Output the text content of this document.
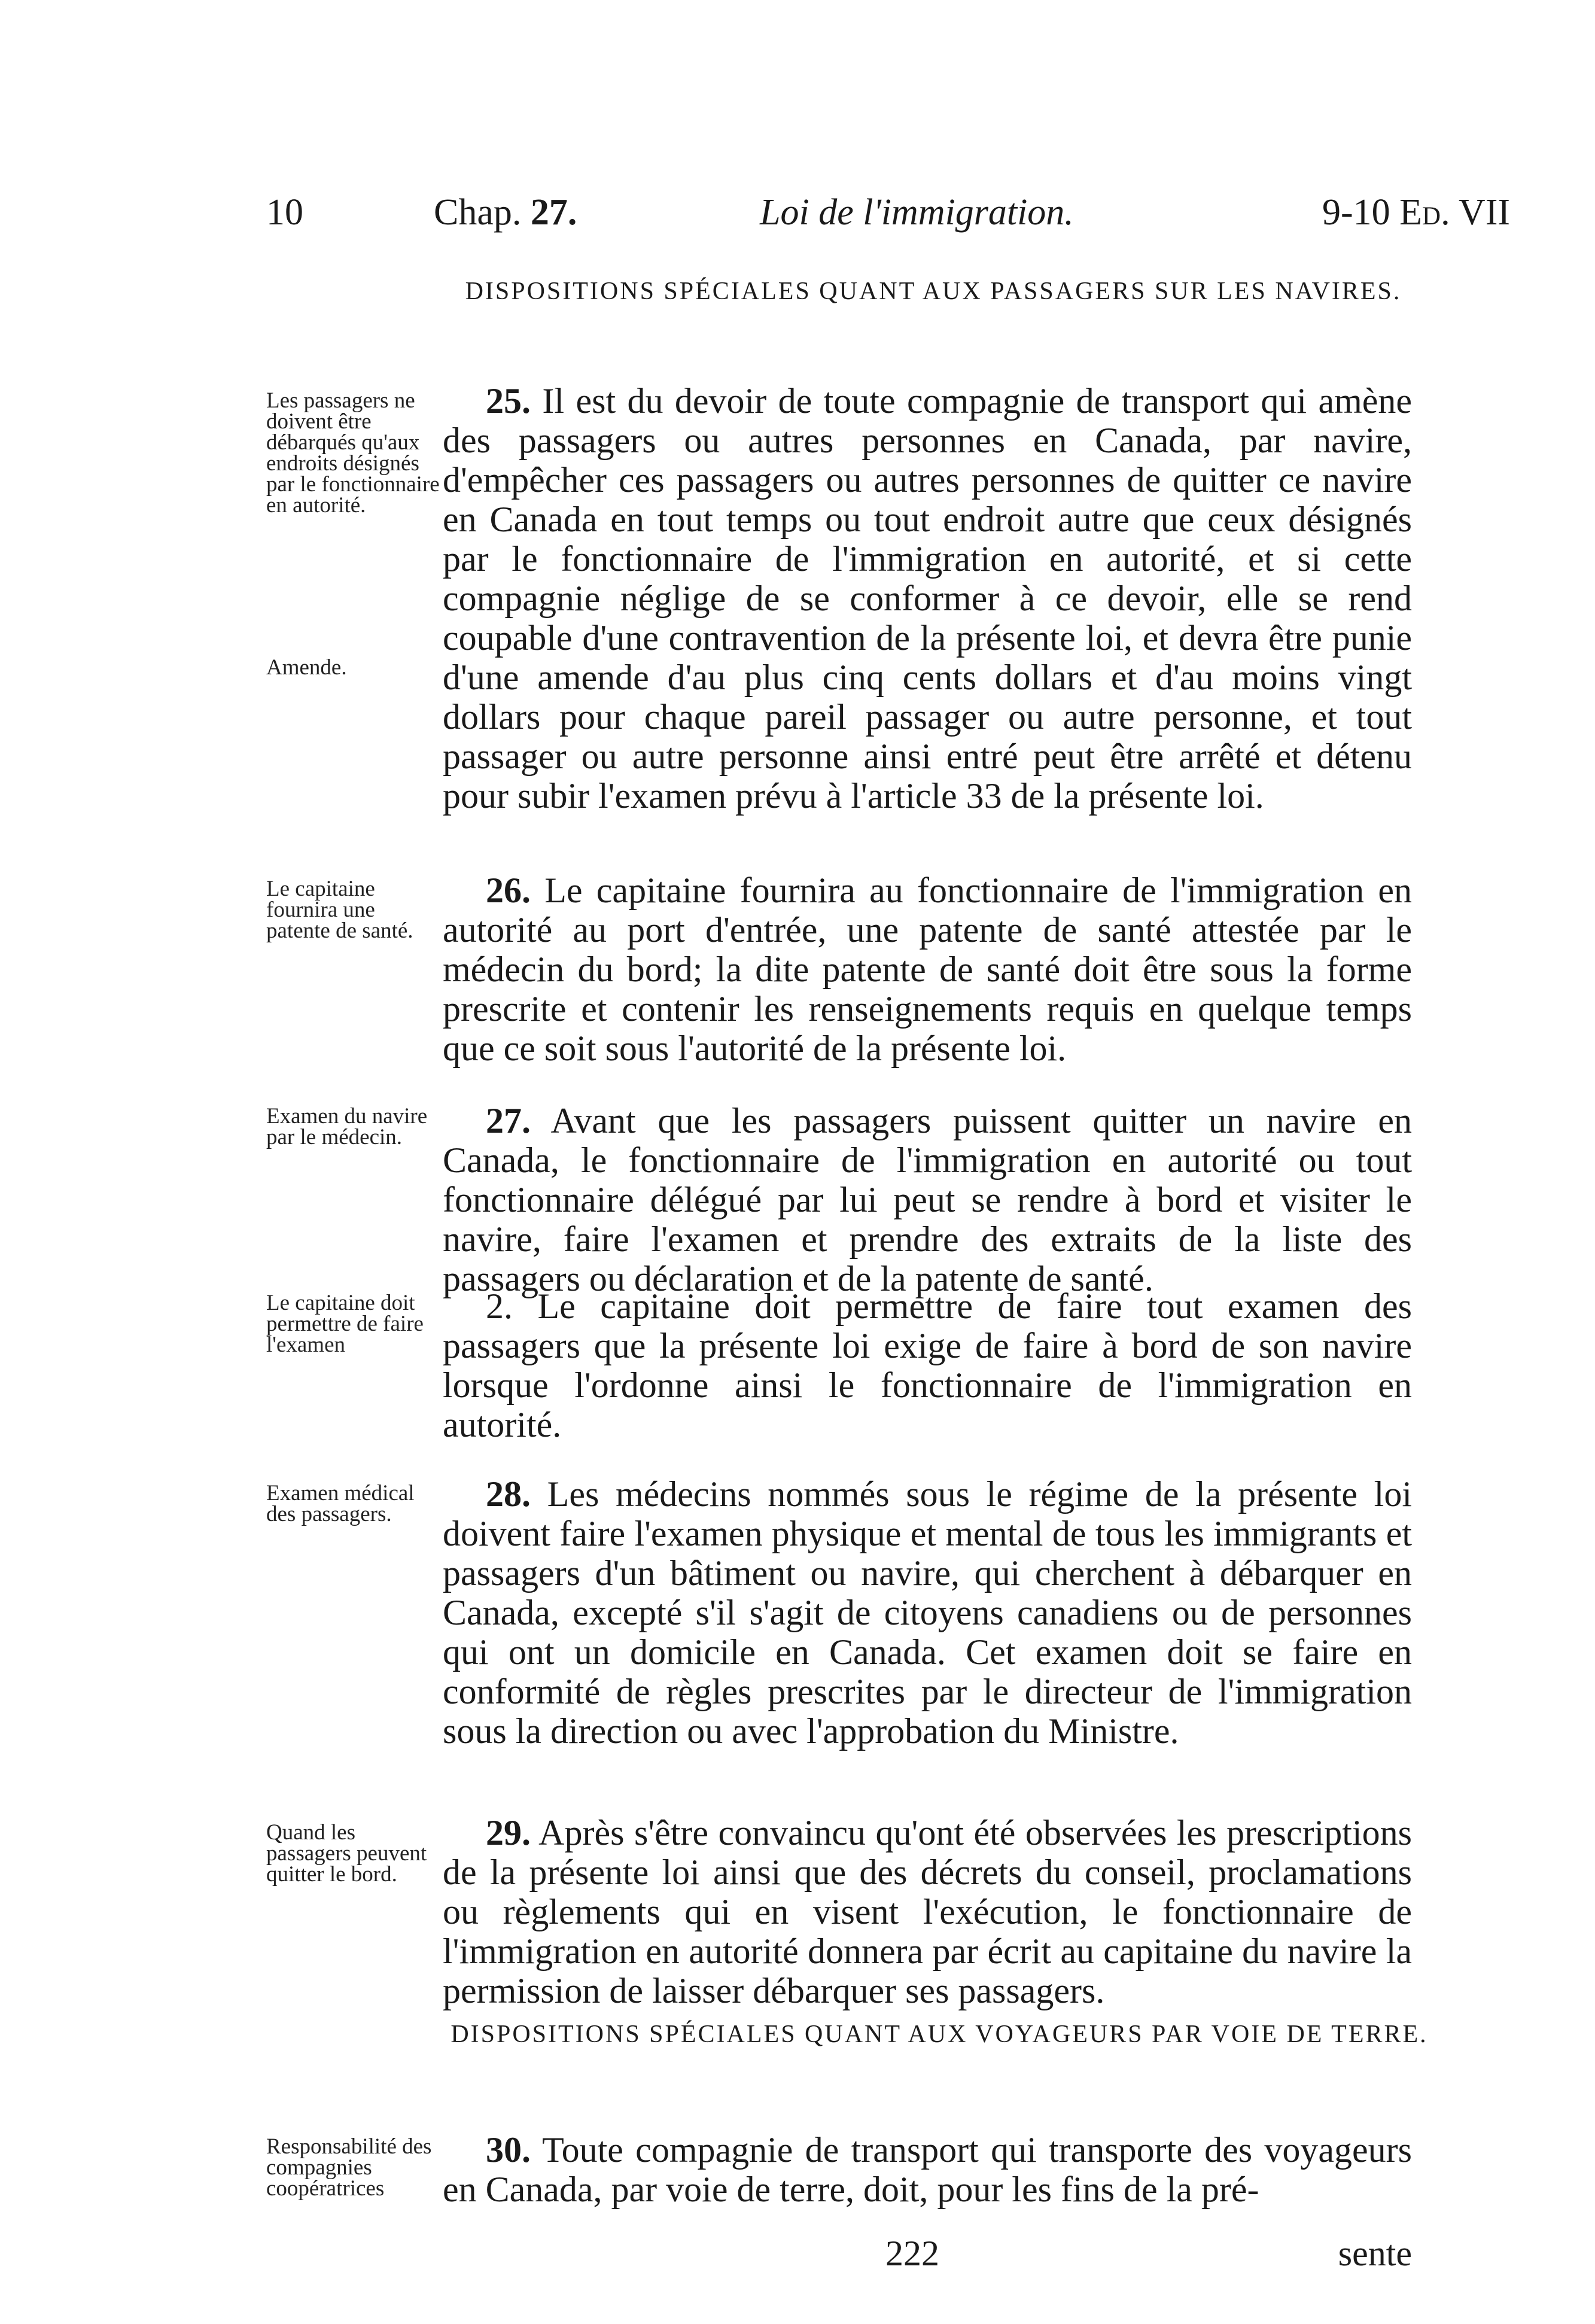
10	Chap. 27.	Loi de l'immigration.	9-10 Ed. VII
DISPOSITIONS SPÉCIALES QUANT AUX PASSAGERS SUR LES NAVIRES.
Les passagers ne doivent être débarqués qu'aux endroits désignés par le fonctionnaire en autorité.
Amende.
Le capitaine fournira une patente de santé.
Examen du navire par le médecin.
Le capitaine doit permettre de faire l'examen
Examen médical des passagers.
Quand les passagers peuvent quitter le bord.
Responsabilité des compagnies coopératrices
25. Il est du devoir de toute compagnie de transport qui amène des passagers ou autres personnes en Canada, par navire, d'empêcher ces passagers ou autres personnes de quitter ce navire en Canada en tout temps ou tout endroit autre que ceux désignés par le fonctionnaire de l'immigration en autorité, et si cette compagnie néglige de se conformer à ce devoir, elle se rend coupable d'une contravention de la présente loi, et devra être punie d'une amende d'au plus cinq cents dollars et d'au moins vingt dollars pour chaque pareil passager ou autre personne, et tout passager ou autre personne ainsi entré peut être arrêté et détenu pour subir l'examen prévu à l'article 33 de la présente loi.
26. Le capitaine fournira au fonctionnaire de l'immigration en autorité au port d'entrée, une patente de santé attestée par le médecin du bord; la dite patente de santé doit être sous la forme prescrite et contenir les renseignements requis en quelque temps que ce soit sous l'autorité de la présente loi.
27. Avant que les passagers puissent quitter un navire en Canada, le fonctionnaire de l'immigration en autorité ou tout fonctionnaire délégué par lui peut se rendre à bord et visiter le navire, faire l'examen et prendre des extraits de la liste des passagers ou déclaration et de la patente de santé.
2. Le capitaine doit permettre de faire tout examen des passagers que la présente loi exige de faire à bord de son navire lorsque l'ordonne ainsi le fonctionnaire de l'immigration en autorité.
28. Les médecins nommés sous le régime de la présente loi doivent faire l'examen physique et mental de tous les immigrants et passagers d'un bâtiment ou navire, qui cherchent à débarquer en Canada, excepté s'il s'agit de citoyens canadiens ou de personnes qui ont un domicile en Canada. Cet examen doit se faire en conformité de règles prescrites par le directeur de l'immigration sous la direction ou avec l'approbation du Ministre.
29. Après s'être convaincu qu'ont été observées les prescriptions de la présente loi ainsi que des décrets du conseil, proclamations ou règlements qui en visent l'exécution, le fonctionnaire de l'immigration en autorité donnera par écrit au capitaine du navire la permission de laisser débarquer ses passagers.
DISPOSITIONS SPÉCIALES QUANT AUX VOYAGEURS PAR VOIE DE TERRE.
30. Toute compagnie de transport qui transporte des voyageurs en Canada, par voie de terre, doit, pour les fins de la pré-
222	sente
